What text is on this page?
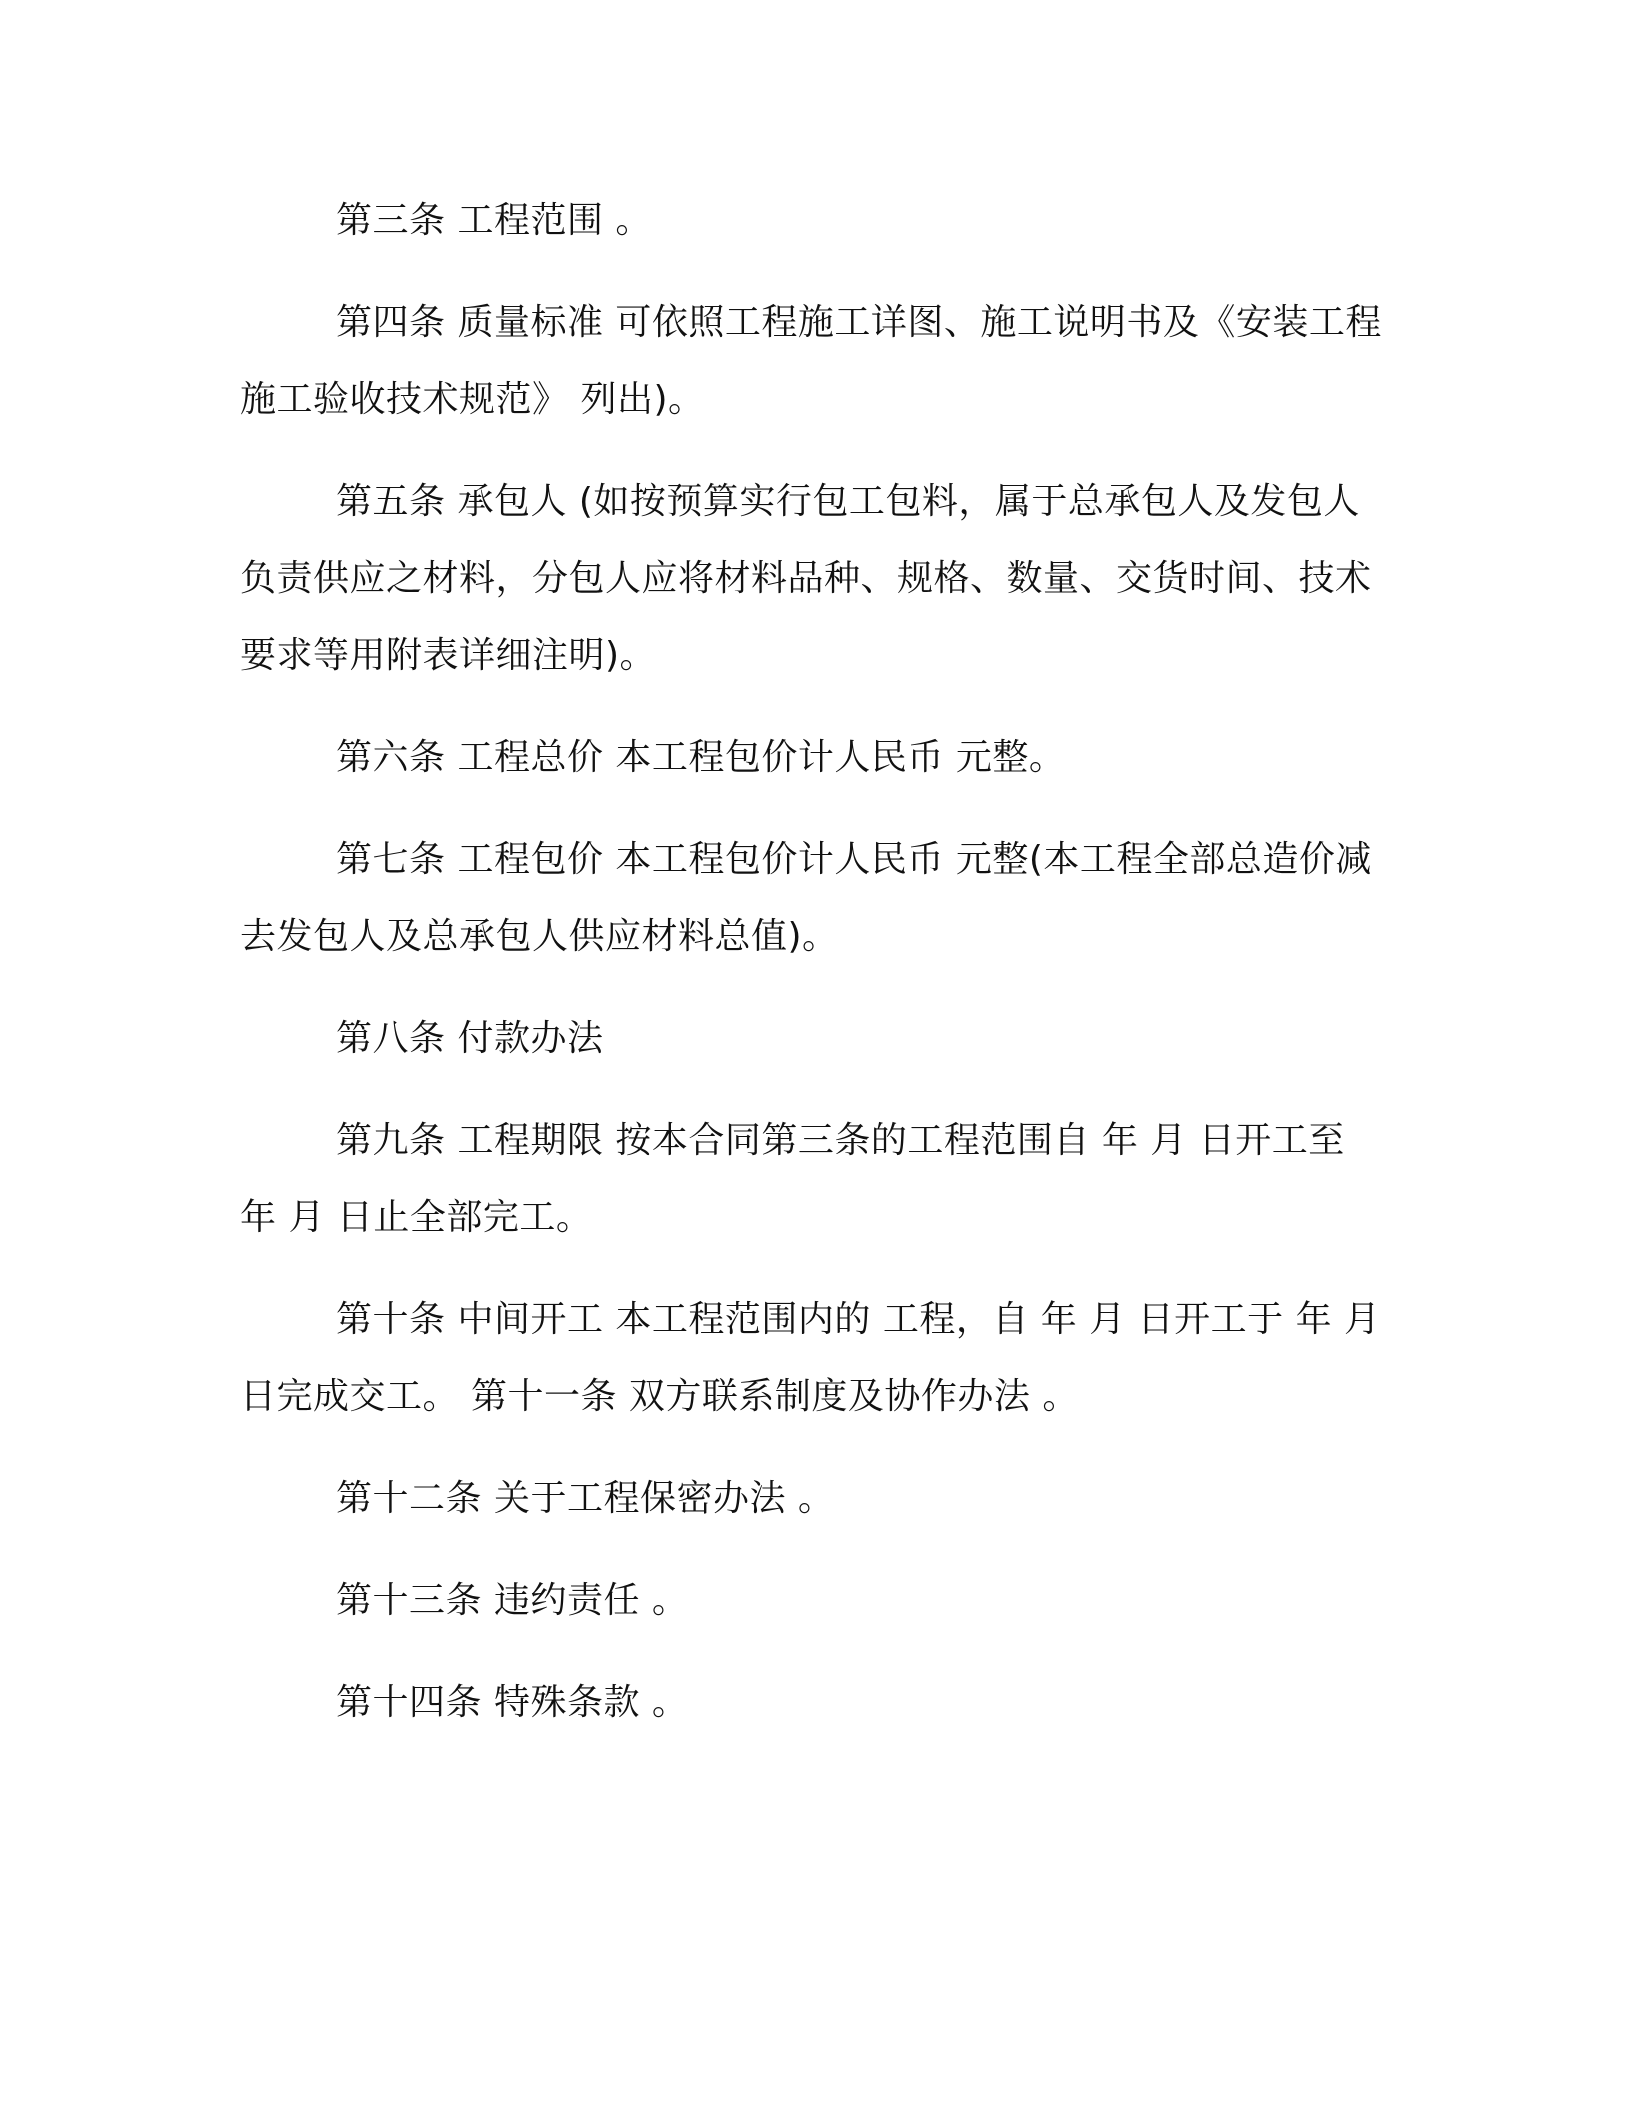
第三条 工程范围 。

第四条 质量标准 可依照工程施工详图、施工说明书及《安装工程施工验收技术规范》 列出)。

第五条 承包人 (如按预算实行包工包料，属于总承包人及发包人负责供应之材料，分包人应将材料品种、规格、数量、交货时间、技术要求等用附表详细注明)。

第六条 工程总价 本工程包价计人民币 元整。

第七条 工程包价 本工程包价计人民币 元整(本工程全部总造价减去发包人及总承包人供应材料总值)。

第八条 付款办法

第九条 工程期限 按本合同第三条的工程范围自 年 月 日开工至 年 月 日止全部完工。

第十条 中间开工 本工程范围内的 工程，自 年 月 日开工于 年 月 日完成交工。 第十一条 双方联系制度及协作办法 。

第十二条 关于工程保密办法 。

第十三条 违约责任 。

第十四条 特殊条款 。
